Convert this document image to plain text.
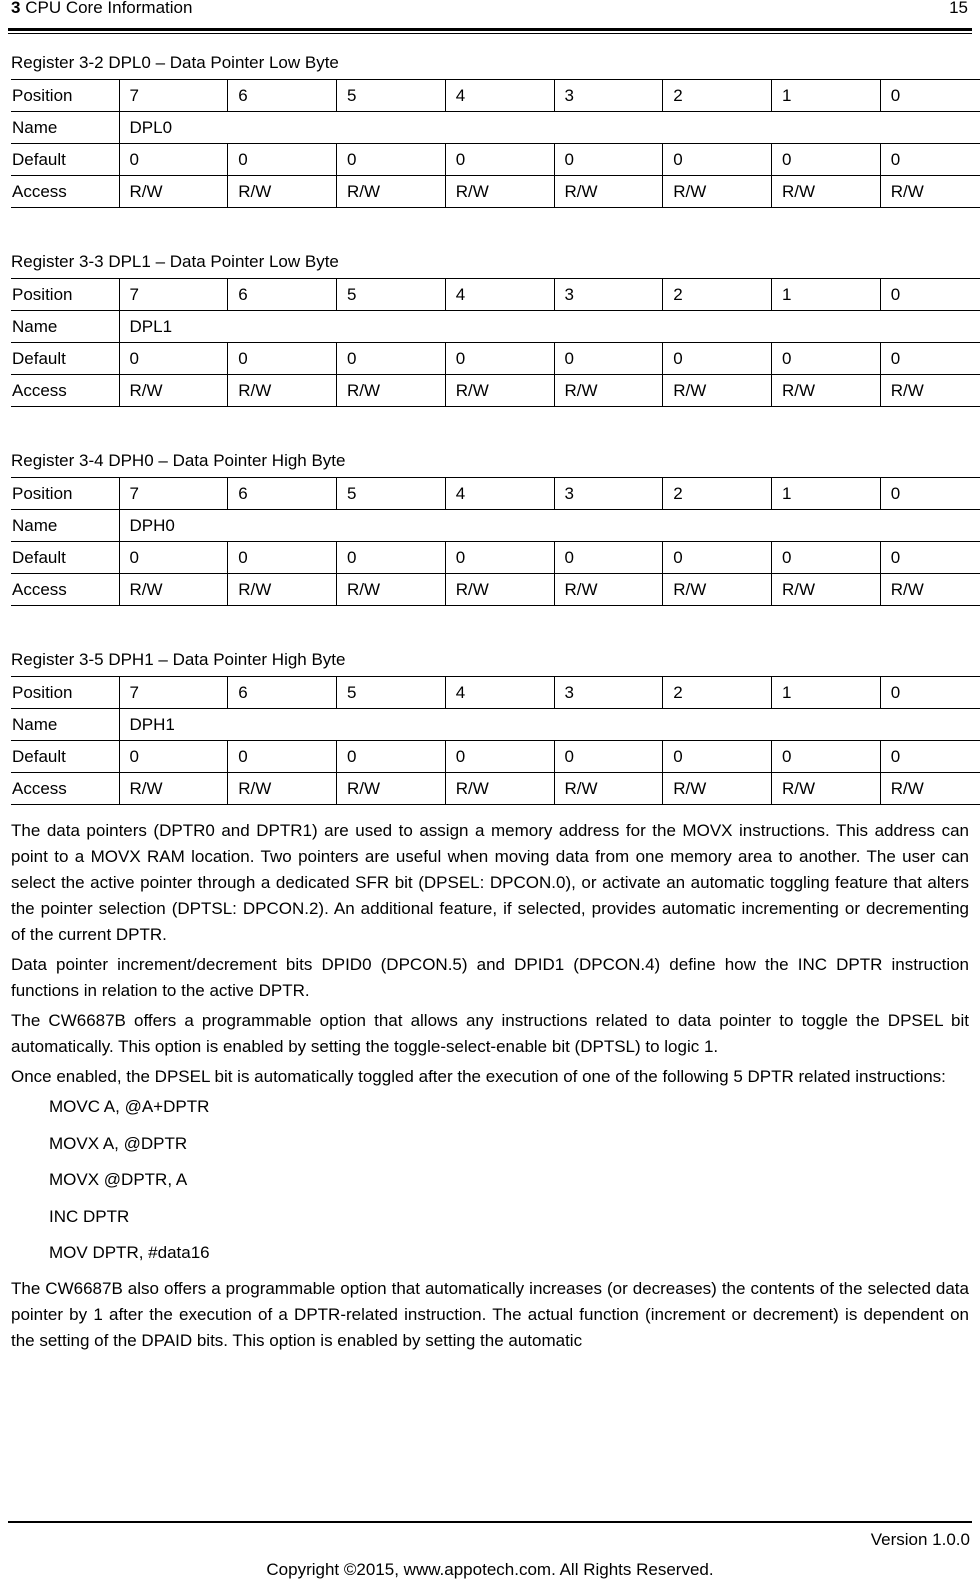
3 CPU Core Information	15
Register 3-2 DPL0 – Data Pointer Low Byte
Position	7	6	5	4	3	2	1	0
Name	DPL0							
Default	0	0	0	0	0	0	0	0
Access	R/W	R/W	R/W	R/W	R/W	R/W	R/W	R/W
Register 3-3 DPL1 – Data Pointer Low Byte
Position	7	6	5	4	3	2	1	0
Name	DPL1							
Default	0	0	0	0	0	0	0	0
Access	R/W	R/W	R/W	R/W	R/W	R/W	R/W	R/W
Register 3-4 DPH0 – Data Pointer High Byte
Position	7	6	5	4	3	2	1	0
Name	DPH0							
Default	0	0	0	0	0	0	0	0
Access	R/W	R/W	R/W	R/W	R/W	R/W	R/W	R/W
Register 3-5 DPH1 – Data Pointer High Byte
Position	7	6	5	4	3	2	1	0
Name	DPH1							
Default	0	0	0	0	0	0	0	0
Access	R/W	R/W	R/W	R/W	R/W	R/W	R/W	R/W

The data pointers (DPTR0 and DPTR1) are used to assign a memory address for the MOVX instructions. This address can point to a MOVX RAM location. Two pointers are useful when moving data from one memory area to another. The user can select the active pointer through a dedicated SFR bit (DPSEL: DPCON.0), or activate an automatic toggling feature that alters the pointer selection (DPTSL: DPCON.2). An additional feature, if selected, provides automatic incrementing or decrementing of the current DPTR.

Data pointer increment/decrement bits DPID0 (DPCON.5) and DPID1 (DPCON.4) define how the INC DPTR instruction functions in relation to the active DPTR.

The CW6687B offers a programmable option that allows any instructions related to data pointer to toggle the DPSEL bit automatically. This option is enabled by setting the toggle-select-enable bit (DPTSL) to logic 1.

Once enabled, the DPSEL bit is automatically toggled after the execution of one of the following 5 DPTR related instructions:

MOVC A, @A+DPTR
MOVX A, @DPTR
MOVX @DPTR, A
INC DPTR
MOV DPTR, #data16

The CW6687B also offers a programmable option that automatically increases (or decreases) the contents of the selected data pointer by 1 after the execution of a DPTR-related instruction. The actual function (increment or decrement) is dependent on the setting of the DPAID bits. This option is enabled by setting the automatic

Version 1.0.0
Copyright ©2015, www.appotech.com. All Rights Reserved.
